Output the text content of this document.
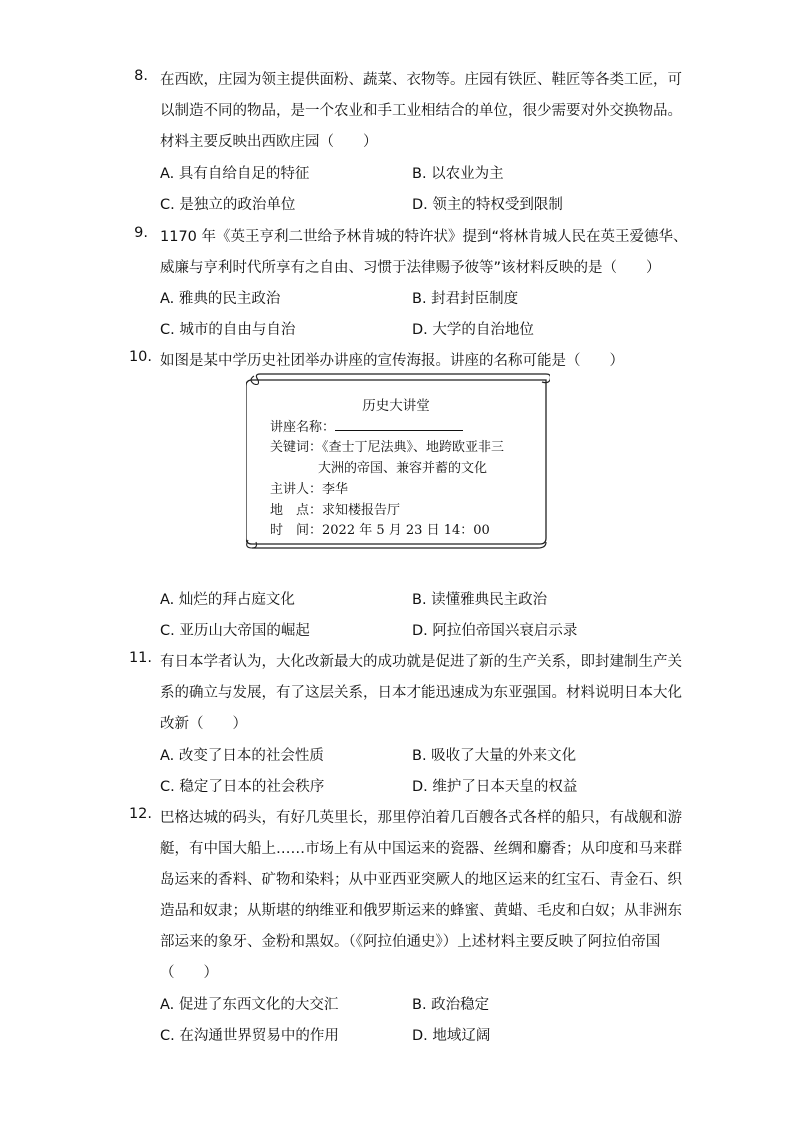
8. 在西欧，庄园为领主提供面粉、蔬菜、衣物等。庄园有铁匠、鞋匠等各类工匠，可
以制造不同的物品，是一个农业和手工业相结合的单位，很少需要对外交换物品。
材料主要反映出西欧庄园（　　）
A. 具有自给自足的特征	B. 以农业为主
C. 是独立的政治单位	D. 领主的特权受到限制
9. 1170 年《英王亨利二世给予林肯城的特许状》提到“将林肯城人民在英王爱德华、
威廉与亨利时代所享有之自由、习惯于法律赐予彼等”该材料反映的是（　　）
A. 雅典的民主政治	B. 封君封臣制度
C. 城市的自由与自治	D. 大学的自治地位
10. 如图是某中学历史社团举办讲座的宣传海报。讲座的名称可能是（　　）
历史大讲堂
讲座名称：
关键词：《查士丁尼法典》、地跨欧亚非三
大洲的帝国、兼容并蓄的文化
主讲人：李华
地　点：求知楼报告厅
时　间：2022 年 5 月 23 日 14：00
A. 灿烂的拜占庭文化	B. 读懂雅典民主政治
C. 亚历山大帝国的崛起	D. 阿拉伯帝国兴衰启示录
11. 有日本学者认为，大化改新最大的成功就是促进了新的生产关系，即封建制生产关
系的确立与发展，有了这层关系，日本才能迅速成为东亚强国。材料说明日本大化
改新（　　）
A. 改变了日本的社会性质	B. 吸收了大量的外来文化
C. 稳定了日本的社会秩序	D. 维护了日本天皇的权益
12. 巴格达城的码头，有好几英里长，那里停泊着几百艘各式各样的船只，有战舰和游
艇，有中国大船上……市场上有从中国运来的瓷器、丝绸和麝香；从印度和马来群
岛运来的香料、矿物和染料；从中亚西亚突厥人的地区运来的红宝石、青金石、织
造品和奴隶；从斯堪的纳维亚和俄罗斯运来的蜂蜜、黄蜡、毛皮和白奴；从非洲东
部运来的象牙、金粉和黑奴。（《阿拉伯通史》）上述材料主要反映了阿拉伯帝国
（　　）
A. 促进了东西文化的大交汇	B. 政治稳定
C. 在沟通世界贸易中的作用	D. 地域辽阔
